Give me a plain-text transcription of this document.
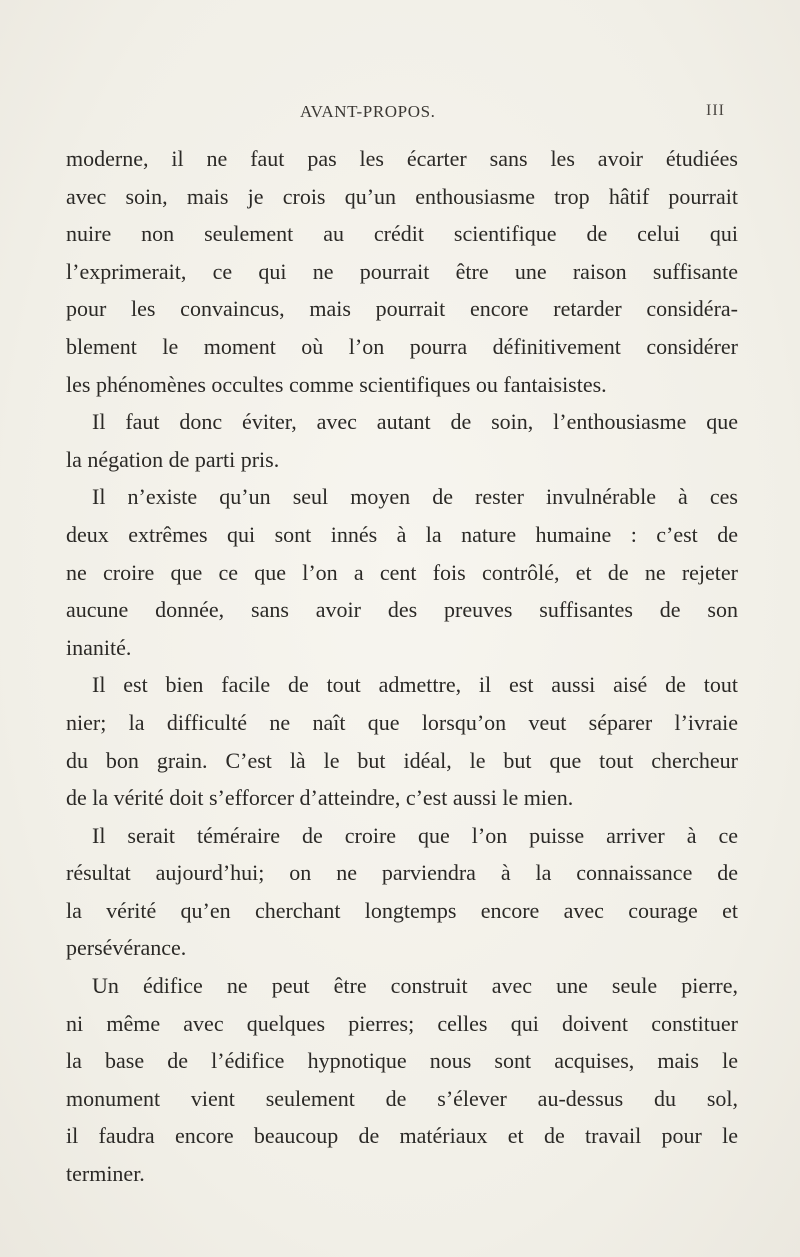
AVANT-PROPOS.	III
moderne, il ne faut pas les écarter sans les avoir étudiées
avec soin, mais je crois qu’un enthousiasme trop hâtif pourrait
nuire non seulement au crédit scientifique de celui qui
l’exprimerait, ce qui ne pourrait être une raison suffisante
pour les convaincus, mais pourrait encore retarder considéra-
blement le moment où l’on pourra définitivement considérer
les phénomènes occultes comme scientifiques ou fantaisistes.
Il faut donc éviter, avec autant de soin, l’enthousiasme que
la négation de parti pris.
Il n’existe qu’un seul moyen de rester invulnérable à ces
deux extrêmes qui sont innés à la nature humaine : c’est de
ne croire que ce que l’on a cent fois contrôlé, et de ne rejeter
aucune donnée, sans avoir des preuves suffisantes de son
inanité.
Il est bien facile de tout admettre, il est aussi aisé de tout
nier; la difficulté ne naît que lorsqu’on veut séparer l’ivraie
du bon grain. C’est là le but idéal, le but que tout chercheur
de la vérité doit s’efforcer d’atteindre, c’est aussi le mien.
Il serait téméraire de croire que l’on puisse arriver à ce
résultat aujourd’hui; on ne parviendra à la connaissance de
la vérité qu’en cherchant longtemps encore avec courage et
persévérance.
Un édifice ne peut être construit avec une seule pierre,
ni même avec quelques pierres; celles qui doivent constituer
la base de l’édifice hypnotique nous sont acquises, mais le
monument vient seulement de s’élever au-dessus du sol,
il faudra encore beaucoup de matériaux et de travail pour le
terminer.
